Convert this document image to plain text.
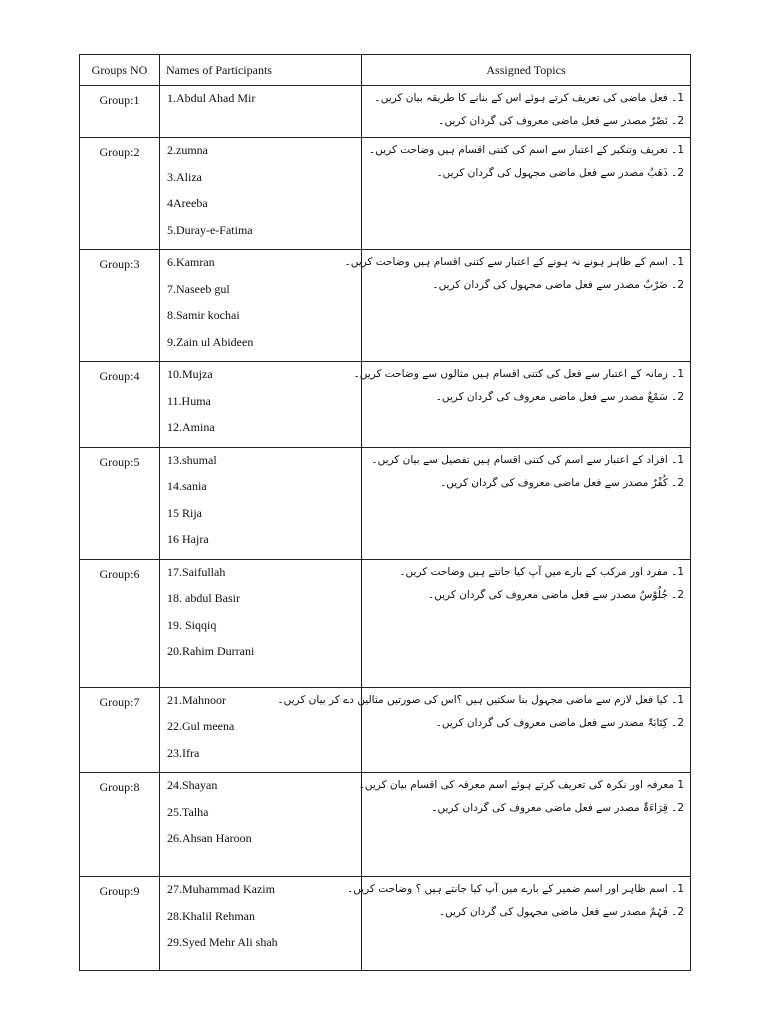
Groups NO	Names of Participants	Assigned Topics
Group:1	1.Abdul Ahad Mir	1۔ فعل ماضی کی تعریف کرتے ہوئے اس کے بنانے کا طریقہ بیان کریں۔
2۔ نَصْرٌ مصدر سے فعل ماضی معروف کی گردان کریں۔

Group:2	2.zumna
3.Aliza
4Areeba
5.Duray-e-Fatima	1۔ تعریف وتنکیر کے اعتبار سے اسم کی کتنی اقسام ہیں وضاحت کریں۔
2۔ ذَهَبٌ مصدر سے فعل ماضی مجہول کی گردان کریں۔

Group:3	6.Kamran
7.Naseeb gul
8.Samir kochai
9.Zain ul Abideen	1۔ اسم کے ظاہر ہونے نہ ہونے کے اعتبار سے کتنی اقسام ہیں وضاحت کریں۔
2۔ ضَرْبٌ مصدر سے فعل ماضی مجہول کی گردان کریں۔

Group:4	10.Mujza
11.Huma
12.Amina	1۔ زمانہ کے اعتبار سے فعل کی کتنی اقسام ہیں مثالوں سے وضاحت کریں۔
2۔ سَمْعٌ مصدر سے فعل ماضی معروف کی گردان کریں۔

Group:5	13.shumal
14.sania
15 Rija
16 Hajra	1۔ افراد کے اعتبار سے اسم کی کتنی اقسام ہیں تفصیل سے بیان کریں۔
2۔ کُفْرٌ مصدر سے فعل ماضی معروف کی گردان کریں۔

Group:6	17.Saifullah
18. abdul Basir
19. Siqqiq
20.Rahim Durrani	1۔ مفرد اور مرکب کے بارے میں آپ کیا جانتے ہیں وضاحت کریں۔
2۔ جُلُوْسٌ مصدر سے فعل ماضی معروف کی گردان کریں۔

Group:7	21.Mahnoor
22.Gul meena
23.Ifra	1۔ کیا فعل لازم سے ماضی مجہول بنا سکتیں ہیں ؟اس کی صورتیں مثالیں دے کر بیان کریں۔
2۔ کِتَابَۃٌ مصدر سے فعل ماضی معروف کی گردان کریں۔

Group:8	24.Shayan
25.Talha
26.Ahsan Haroon	1 معرفہ اور نکرہ کی تعریف کرتے ہوئے اسم معرفہ کی اقسام بیان کریں۔
2۔ قِرَاءَۃٌ مصدر سے فعل ماضی معروف کی گردان کریں۔

Group:9	27.Muhammad Kazim
28.Khalil Rehman
29.Syed Mehr Ali shah	1۔ اسم ظاہر اور اسم ضمیر کے بارے میں آپ کیا جانتے ہیں ؟ وضاحت کریں۔
2۔ فَہْمٌ مصدر سے فعل ماضی مجہول کی گردان کریں۔
